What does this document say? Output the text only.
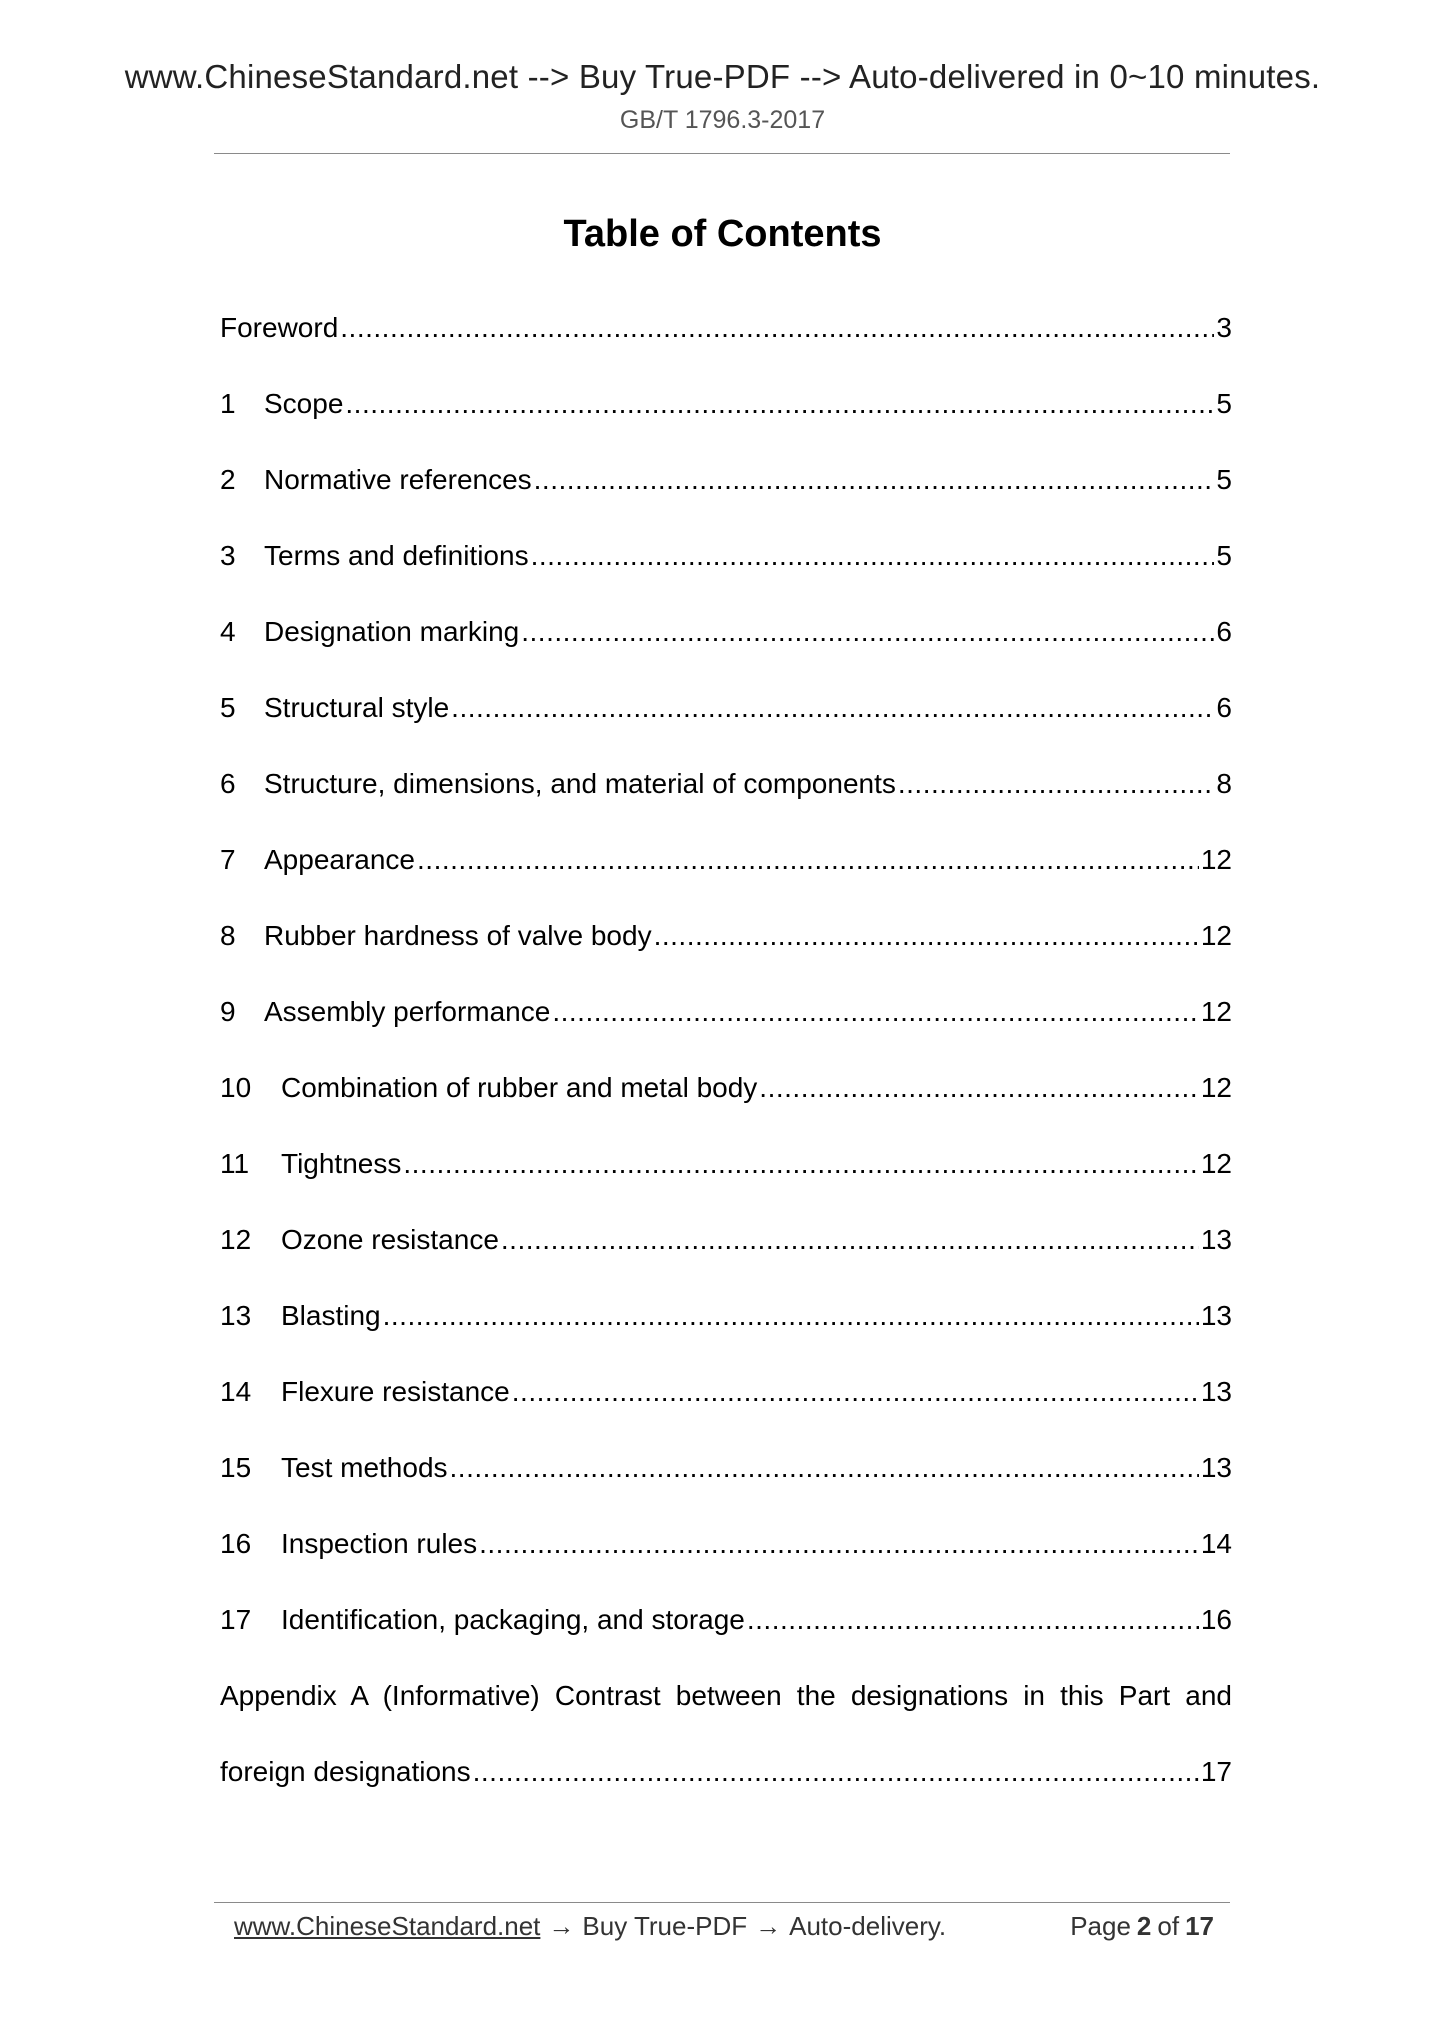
www.ChineseStandard.net --> Buy True-PDF --> Auto-delivered in 0~10 minutes.
GB/T 1796.3-2017
Table of Contents
Foreword .....	3
1	Scope .....	5
2	Normative references .....	5
3	Terms and definitions .....	5
4	Designation marking .....	6
5	Structural style .....	6
6	Structure, dimensions, and material of components .....	8
7	Appearance .....	12
8	Rubber hardness of valve body .....	12
9	Assembly performance .....	12
10	Combination of rubber and metal body .....	12
11	Tightness .....	12
12	Ozone resistance .....	13
13	Blasting .....	13
14	Flexure resistance .....	13
15	Test methods .....	13
16	Inspection rules .....	14
17	Identification, packaging, and storage .....	16
Appendix A (Informative) Contrast between the designations in this Part and
foreign designations .....	17
www.ChineseStandard.net → Buy True-PDF → Auto-delivery.	Page 2 of 17
